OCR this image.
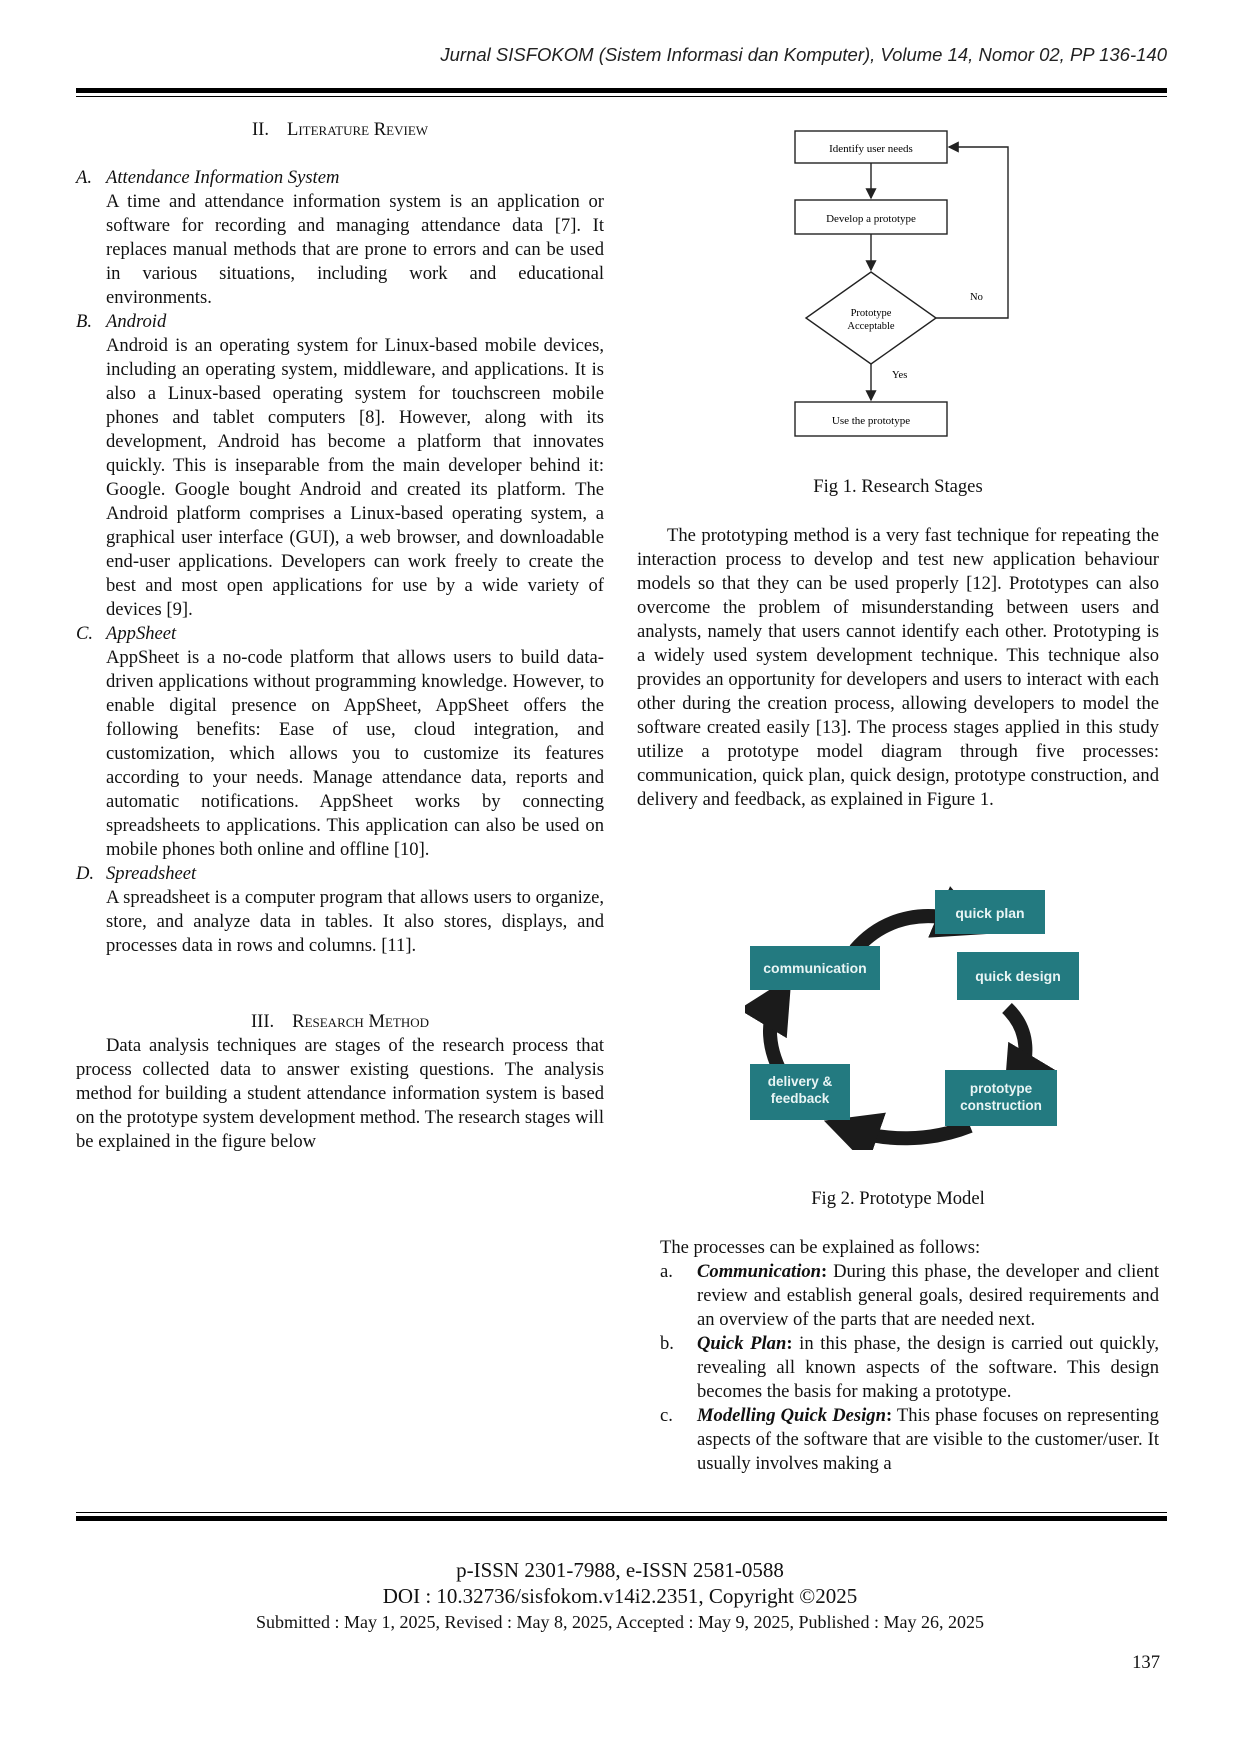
Jurnal SISFOKOM (Sistem Informasi dan Komputer), Volume 14, Nomor 02, PP 136-140

II. Literature Review

A. Attendance Information System

A time and attendance information system is an application or software for recording and managing attendance data [7]. It replaces manual methods that are prone to errors and can be used in various situations, including work and educational environments.

B. Android

Android is an operating system for Linux-based mobile devices, including an operating system, middleware, and applications. It is also a Linux-based operating system for touchscreen mobile phones and tablet computers [8]. However, along with its development, Android has become a platform that innovates quickly. This is inseparable from the main developer behind it: Google. Google bought Android and created its platform. The Android platform comprises a Linux-based operating system, a graphical user interface (GUI), a web browser, and downloadable end-user applications. Developers can work freely to create the best and most open applications for use by a wide variety of devices [9].

C. AppSheet

AppSheet is a no-code platform that allows users to build data-driven applications without programming knowledge. However, to enable digital presence on AppSheet, AppSheet offers the following benefits: Ease of use, cloud integration, and customization, which allows you to customize its features according to your needs. Manage attendance data, reports and automatic notifications. AppSheet works by connecting spreadsheets to applications. This application can also be used on mobile phones both online and offline [10].

D. Spreadsheet

A spreadsheet is a computer program that allows users to organize, store, and analyze data in tables. It also stores, displays, and processes data in rows and columns. [11].

III. Research Method

Data analysis techniques are stages of the research process that process collected data to answer existing questions. The analysis method for building a student attendance information system is based on the prototype system development method. The research stages will be explained in the figure below

Identify user needs
Develop a prototype
Prototype
Acceptable
No
Yes
Use the prototype
Fig 1. Research Stages

The prototyping method is a very fast technique for repeating the interaction process to develop and test new application behaviour models so that they can be used properly [12]. Prototypes can also overcome the problem of misunderstanding between users and analysts, namely that users cannot identify each other. Prototyping is a widely used system development technique. This technique also provides an opportunity for developers and users to interact with each other during the creation process, allowing developers to model the software created easily [13]. The process stages applied in this study utilize a prototype model diagram through five processes: communication, quick plan, quick design, prototype construction, and delivery and feedback, as explained in Figure 1.

quick plan
communication	quick design
delivery &
feedback
prototype
construction
Fig 2. Prototype Model

The processes can be explained as follows:

a. Communication: During this phase, the developer and client review and establish general goals, desired requirements and an overview of the parts that are needed next.
b. Quick Plan: in this phase, the design is carried out quickly, revealing all known aspects of the software. This design becomes the basis for making a prototype.
c. Modelling Quick Design: This phase focuses on representing aspects of the software that are visible to the customer/user. It usually involves making a
p-ISSN 2301-7988, e-ISSN 2581-0588
DOI : 10.32736/sisfokom.v14i2.2351, Copyright ©2025
Submitted : May 1, 2025, Revised : May 8, 2025, Accepted : May 9, 2025, Published : May 26, 2025
137
